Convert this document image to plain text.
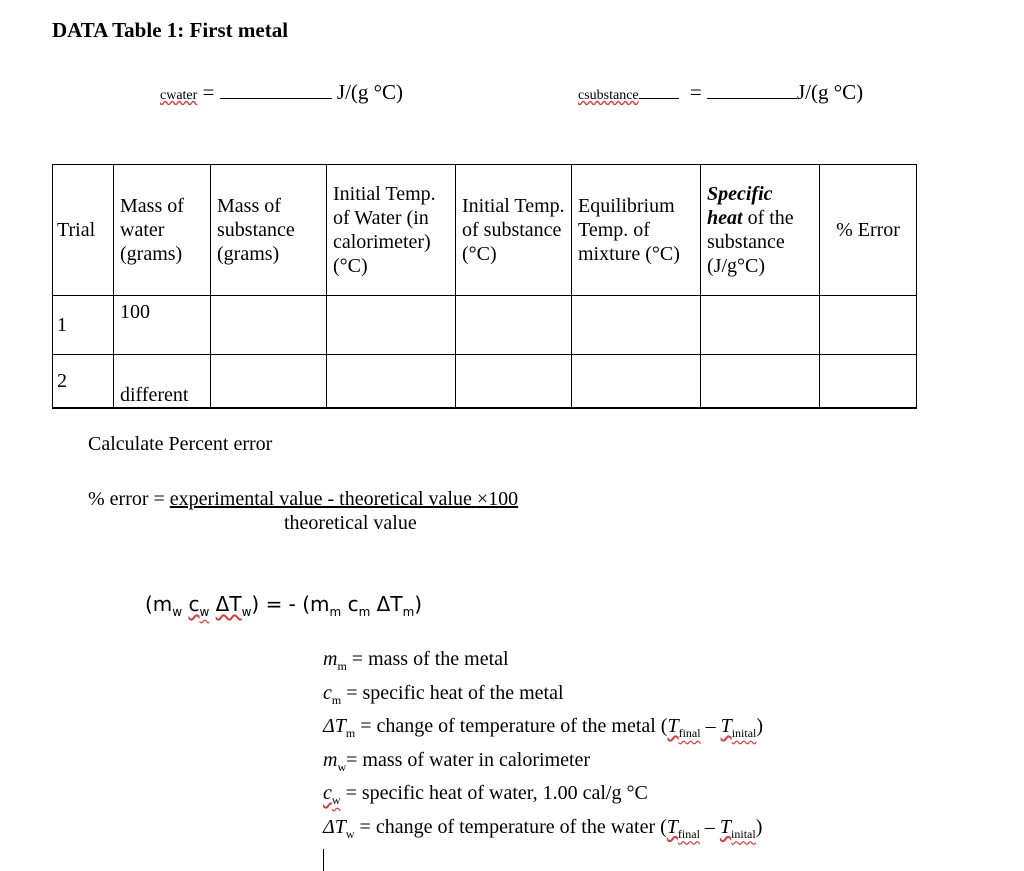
DATA Table 1: First metal
cwater =	J/(g °C)	csubstance =	J/(g °C)
Trial	Mass of water (grams)	Mass of substance (grams)	Initial Temp. of Water (in calorimeter) (°C)	Initial Temp. of substance (°C)	Equilibrium Temp. of mixture (°C)	Specific heat of the substance (J/g°C)	% Error
1	100						
2	different						
Calculate Percent error
% error = experimental value - theoretical value ×100
theoretical value
($m_w$ $c_w$ $\Delta T_w$) = - ($m_m$ $c_m$ $\Delta T_m$)
$m_m$ = mass of the metal
$c_m$ = specific heat of the metal
$\Delta T_m$ = change of temperature of the metal $(T_{final} - T_{inital})$
$m_w=$ mass of water in calorimeter
$c_w$ = specific heat of water, 1.00 cal/g °C
$\Delta T_w$ = change of temperature of the water $(T_{final} - T_{inital})$
